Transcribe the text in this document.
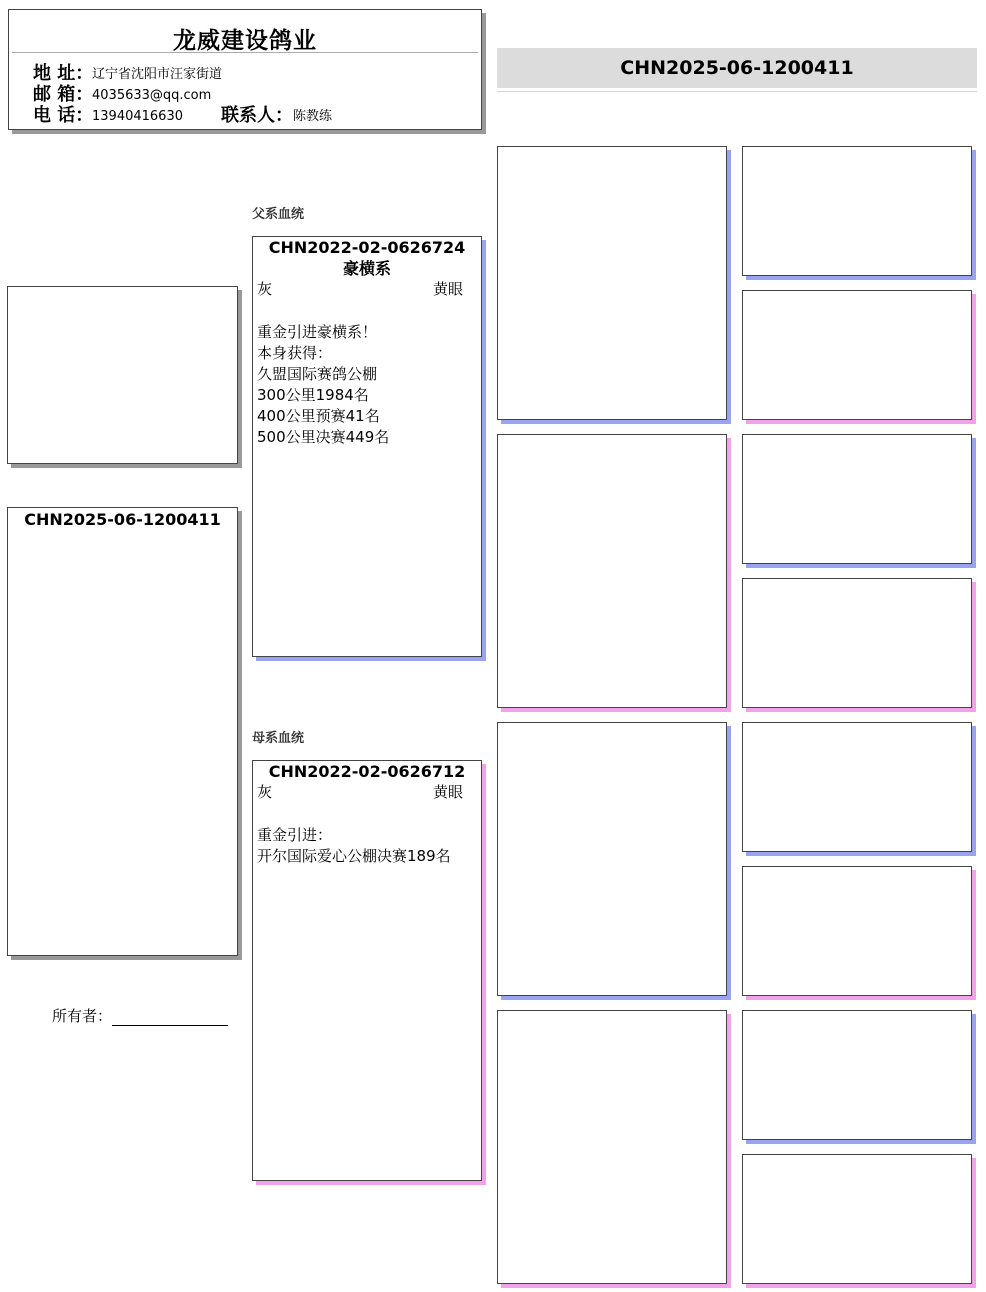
龙威建设鸽业
地 址：
辽宁省沈阳市汪家街道
邮 箱：
4035633@qq.com
电 话：
13940416630 联系人： 陈教练
CHN2025-06-1200411
CHN2025-06-1200411
所有者：
父系血统
CHN2022-02-0626724
豪横系
灰	黄眼
重金引进豪横系！
本身获得：
久盟国际赛鸽公棚
300公里1984名
400公里预赛41名
500公里决赛449名
母系血统
CHN2022-02-0626712
灰	黄眼
重金引进：
开尔国际爱心公棚决赛189名
